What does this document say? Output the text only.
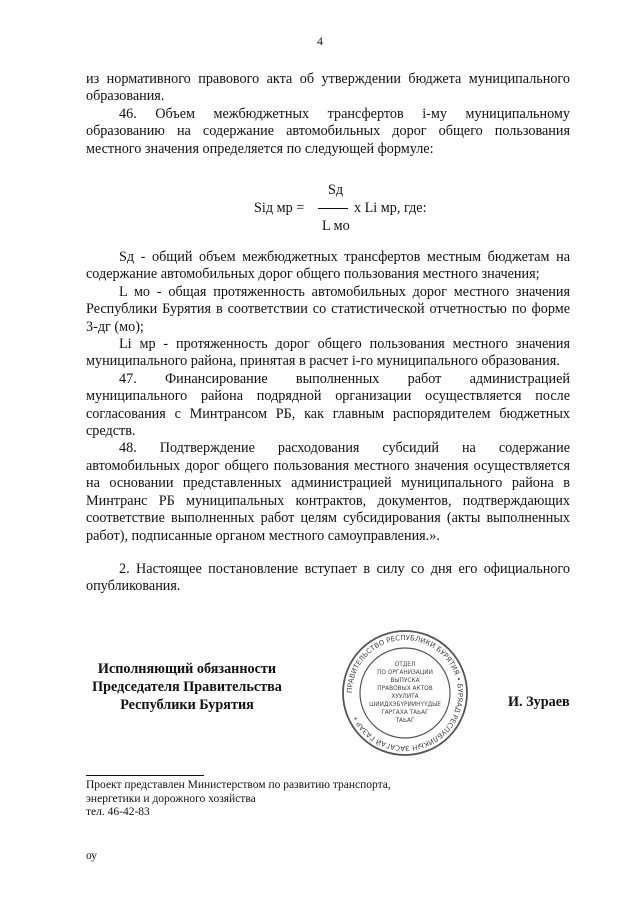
4

из нормативного правового акта об утверждении бюджета муниципального образования.

46. Объем межбюджетных трансфертов i-му муниципальному образованию на содержание автомобильных дорог общего пользования местного значения определяется по следующей формуле:

Sд
Siд мр =	х Li мр, где:
L мо

Sд - общий объем межбюджетных трансфертов местным бюджетам на содержание автомобильных дорог общего пользования местного значения;

L мо - общая протяженность автомобильных дорог местного значения Республики Бурятия в соответствии со статистической отчетностью по форме 3-дг (мо);

Li мр - протяженность дорог общего пользования местного значения муниципального района, принятая в расчет i-го муниципального образования.

47. Финансирование выполненных работ администрацией муниципального района подрядной организации осуществляется после согласования с Минтрансом РБ, как главным распорядителем бюджетных средств.

48. Подтверждение расходования субсидий на содержание автомобильных дорог общего пользования местного значения осуществляется на основании представленных администрацией муниципального района в Минтранс РБ муниципальных контрактов, документов, подтверждающих соответствие выполненных работ целям субсидирования (акты выполненных работ), подписанные органом местного самоуправления.».

2. Настоящее постановление вступает в силу со дня его официального опубликования.

Исполняющий обязанности
Председателя Правительства
Республики Бурятия
ПРАВИТЕЛЬСТВО РЕСПУБЛИКИ БУРЯТИЯ • БУРЯАД РЕСПУБЛИКЫН ЗАСАГАЙ ГАЗАР •
ОТДЕЛ
ПО ОРГАНИЗАЦИИ
ВЫПУСКА
ПРАВОВЫХ АКТОВ
ХУУЛИТА
ШИИДХЭБҮРИИНҮҮДЫЕ
ГАРГАХА ТАЬАГ
ТАЬАГ
И. Зураев
Проект представлен Министерством по развитию транспорта,
энергетики и дорожного хозяйства
тел. 46-42-83
оу
